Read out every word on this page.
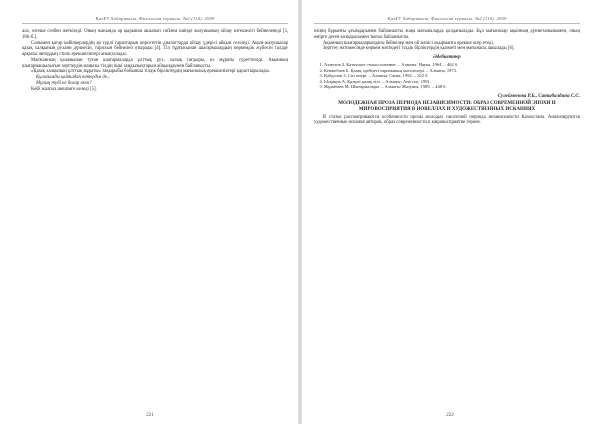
ҚазҰУ Хабаршысы. Филология сериясы. №2 (114). 2009

ала, өзгеше сөзбен жеткізеді. Оның жанында әр қырынан ашылып сөйлем ішінде жазушының ойлау өзгешелігі бейнеленеді [3, 186-б.].

Сонымен қатар кейіпкерлердің әр түрлі тараптарын көрсететін диалогтарда ойлау үдерісі айқын сезіледі. Ақын-жазушылар қазақ халқының рухани дүниесін, тарихын бейнелеп отырады [4]. Тіл тұрғысынан шығармалардың көркемдік жүйесін талдау арқылы автордың стиль ерекшеліктері анықталады.

Мағжанның қаламынан туған шығармаларда ұлттық рух, халық тағдыры, ел мұраты суреттеледі. Ақынның шығармашылығын зерттеудің маңызы тілдің ішкі заңдылықтарын айқындаумен байланысты.

«Қазақ халқының ұлттық мұраты» тақырыбы бойынша тілдік бірліктердің мағыналық ерекшеліктері қарастырылады.

Құлағымды қайтадан көтердім де...

Мұның түбі не болар екен?

Көбі жалғыз шешімге келеді [5].

221
ҚазҰУ Хабаршысы. Филология сериясы. №2 (114). 2009

өзінің бұрынғы ұғымдарымен байланысты жаңа мағыналарда қолданылады. Бұл мағыналар ақынның дүниетанымымен, оның өмірге деген көзқарасымен тығыз байланысты.

Ақынның шығармаларындағы бейнелер мен ой желісі оқырманға ерекше әсер етеді.

Зерттеу нәтижесінде көркем мәтіндегі тілдік бірліктердің қызметі мен мағынасы ашылады [6].

Әдебиеттер
1. Ахметов З. Казахское стихосложение. – Алматы: Наука, 1964. – 462 б.
2. Кенжебаев Б. Қазақ әдебиеті тарихының мәселелері. – Алматы, 1973.
3. Қабдолов З. Сөз өнері. – Алматы: Санат, 1992. – 352 б.
4. Ысқақов А. Қазіргі қазақ тілі. – Алматы: Ана тілі, 1991.
5. Жұмабаев М. Шығармалары. – Алматы: Жазушы, 1989. – 448 б.
Сулейменова Р.Б., Сатыбалдина С.С.
МОЛОДЕЖНАЯ ПРОЗА ПЕРИОДА НЕЗАВИСИМОСТИ: ОБРАЗ СОВРЕМЕННОЙ ЭПОХИ И МИРОВОСПРИЯТИЯ В НОВЕЛЛАХ И ХУДОЖЕСТВЕННЫХ ИСКАНИЯХ

В статье рассматриваются особенности прозы молодых писателей периода независимости Казахстана. Анализируются художественные искания авторов, образ современности и мировосприятие героев.

222
